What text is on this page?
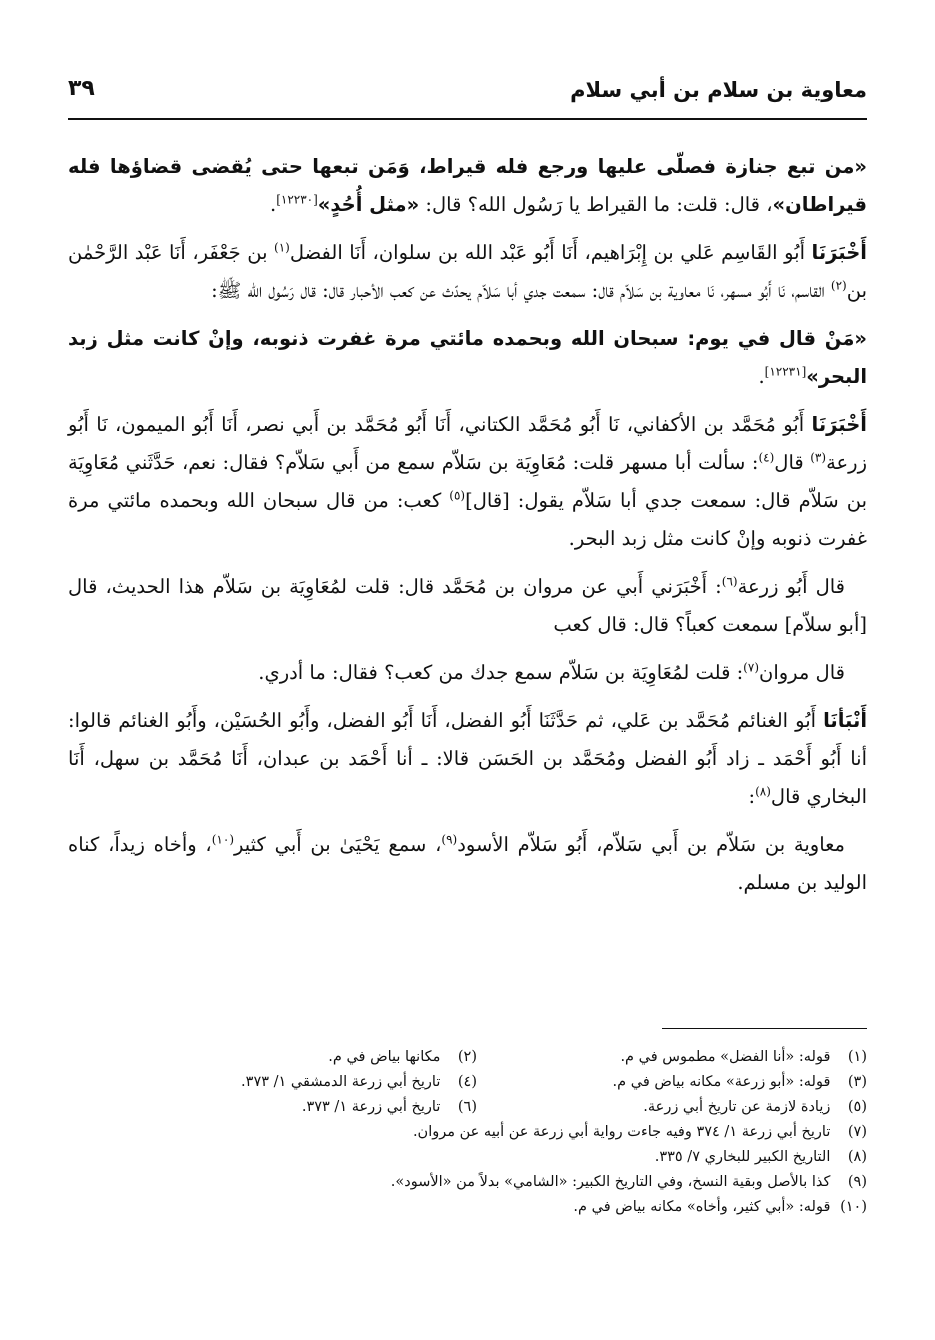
معاوية بن سلام بن أبي سلام
٣٩

«من تبع جنازة فصلّى عليها ورجع فله قيراط، وَمَن تبعها حتى يُقضى قضاؤها فله قيراطان»، قال: قلت: ما القيراط يا رَسُول الله؟ قال: «مثل أُحُدٍ»[١٢٢٣٠].

أَخْبَرَنَا أَبُو القَاسِم عَلي بن إِبْرَاهيم، أَنَا أَبُو عَبْد الله بن سلوان، أَنَا الفضل$^{(١)}$ بن جَعْفَر، أَنَا عَبْد الرَّحْمٰن بن$^{(٢)}$ القاسم، نَا أَبُو مسهر، نَا معاوية بن سَلاّم قال: سمعت جدي أبا سَلاّم يحدّث عن كعب الأحبار قال: قال رَسُول الله ﷺ:

«مَنْ قال في يوم: سبحان الله وبحمده مائتي مرة غفرت ذنوبه، وإنْ كانت مثل زبد البحر»[١٢٢٣١].

أَخْبَرَنَا أَبُو مُحَمَّد بن الأكفاني، نَا أَبُو مُحَمَّد الكتاني، أَنَا أَبُو مُحَمَّد بن أَبي نصر، أَنَا أَبُو الميمون، نَا أَبُو زرعة$^{(٣)}$ قال$^{(٤)}$: سألت أبا مسهر قلت: مُعَاوِيَة بن سَلاّم سمع من أَبي سَلاّم؟ فقال: نعم، حَدَّثَني مُعَاوِيَة بن سَلاّم قال: سمعت جدي أبا سَلاّم يقول: [قال]$^{(٥)}$ كعب: من قال سبحان الله وبحمده مائتي مرة غفرت ذنوبه وإنْ كانت مثل زبد البحر.

قال أَبُو زرعة$^{(٦)}$: أَخْبَرَني أَبي عن مروان بن مُحَمَّد قال: قلت لمُعَاوِيَة بن سَلاّم هذا الحديث، قال [أبو سلاّم] سمعت كعباً؟ قال: قال كعب

قال مروان$^{(٧)}$: قلت لمُعَاوِيَة بن سَلاّم سمع جدك من كعب؟ فقال: ما أدري.

أَنْبَأنَا أَبُو الغنائم مُحَمَّد بن عَلي، ثم حَدَّثَنَا أَبُو الفضل، أَنَا أَبُو الفضل، وأَبُو الحُسَيْن، وأَبُو الغنائم قالوا: أنا أَبُو أَحْمَد ـ زاد أَبُو الفضل ومُحَمَّد بن الحَسَن قالا: ـ أنا أَحْمَد بن عبدان، أَنَا مُحَمَّد بن سهل، أَنَا البخاري قال$^{(٨)}$:

معاوية بن سَلاّم بن أَبي سَلاّم، أَبُو سَلاّم الأسود$^{(٩)}$، سمع يَحْيَىٰ بن أَبي كثير$^{(١٠)}$، وأخاه زيداً، كناه الوليد بن مسلم.

(١) قوله: «أنا الفضل» مطموس في م.
(٢) مكانها بياض في م.
(٣) قوله: «أبو زرعة» مكانه بياض في م.
(٤) تاريخ أبي زرعة الدمشقي ١/ ٣٧٣.
(٥) زيادة لازمة عن تاريخ أبي زرعة.
(٦) تاريخ أبي زرعة ١/ ٣٧٣.
(٧) تاريخ أبي زرعة ١/ ٣٧٤ وفيه جاءت رواية أبي زرعة عن أبيه عن مروان.
(٨) التاريخ الكبير للبخاري ٧/ ٣٣٥.
(٩) كذا بالأصل وبقية النسخ، وفي التاريخ الكبير: «الشامي» بدلاً من «الأسود».
(١٠) قوله: «أبي كثير، وأخاه» مكانه بياض في م.
